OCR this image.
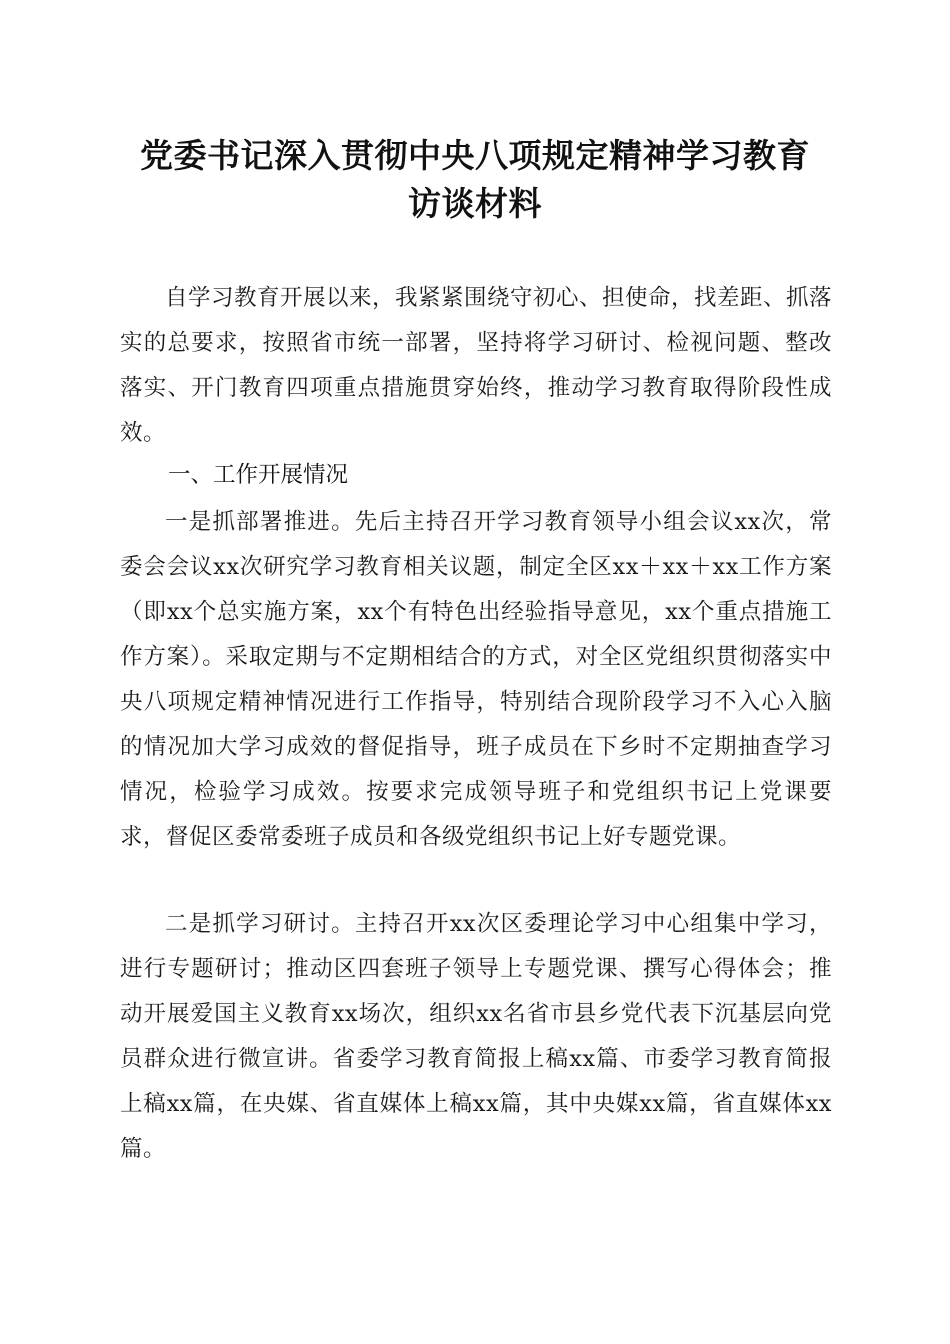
党委书记深入贯彻中央八项规定精神学习教育
访谈材料

自学习教育开展以来，我紧紧围绕守初心、担使命，找差距、抓落实的总要求，按照省市统一部署，坚持将学习研讨、检视问题、整改落实、开门教育四项重点措施贯穿始终，推动学习教育取得阶段性成效。

一、工作开展情况

一是抓部署推进。先后主持召开学习教育领导小组会议xx次，常委会会议xx次研究学习教育相关议题，制定全区xx＋xx＋xx工作方案（即xx个总实施方案，xx个有特色出经验指导意见，xx个重点措施工作方案）。采取定期与不定期相结合的方式，对全区党组织贯彻落实中央八项规定精神情况进行工作指导，特别结合现阶段学习不入心入脑的情况加大学习成效的督促指导，班子成员在下乡时不定期抽查学习情况，检验学习成效。按要求完成领导班子和党组织书记上党课要求，督促区委常委班子成员和各级党组织书记上好专题党课。

二是抓学习研讨。主持召开xx次区委理论学习中心组集中学习，进行专题研讨；推动区四套班子领导上专题党课、撰写心得体会；推动开展爱国主义教育xx场次，组织xx名省市县乡党代表下沉基层向党员群众进行微宣讲。省委学习教育简报上稿xx篇、市委学习教育简报上稿xx篇，在央媒、省直媒体上稿xx篇，其中央媒xx篇，省直媒体xx篇。
